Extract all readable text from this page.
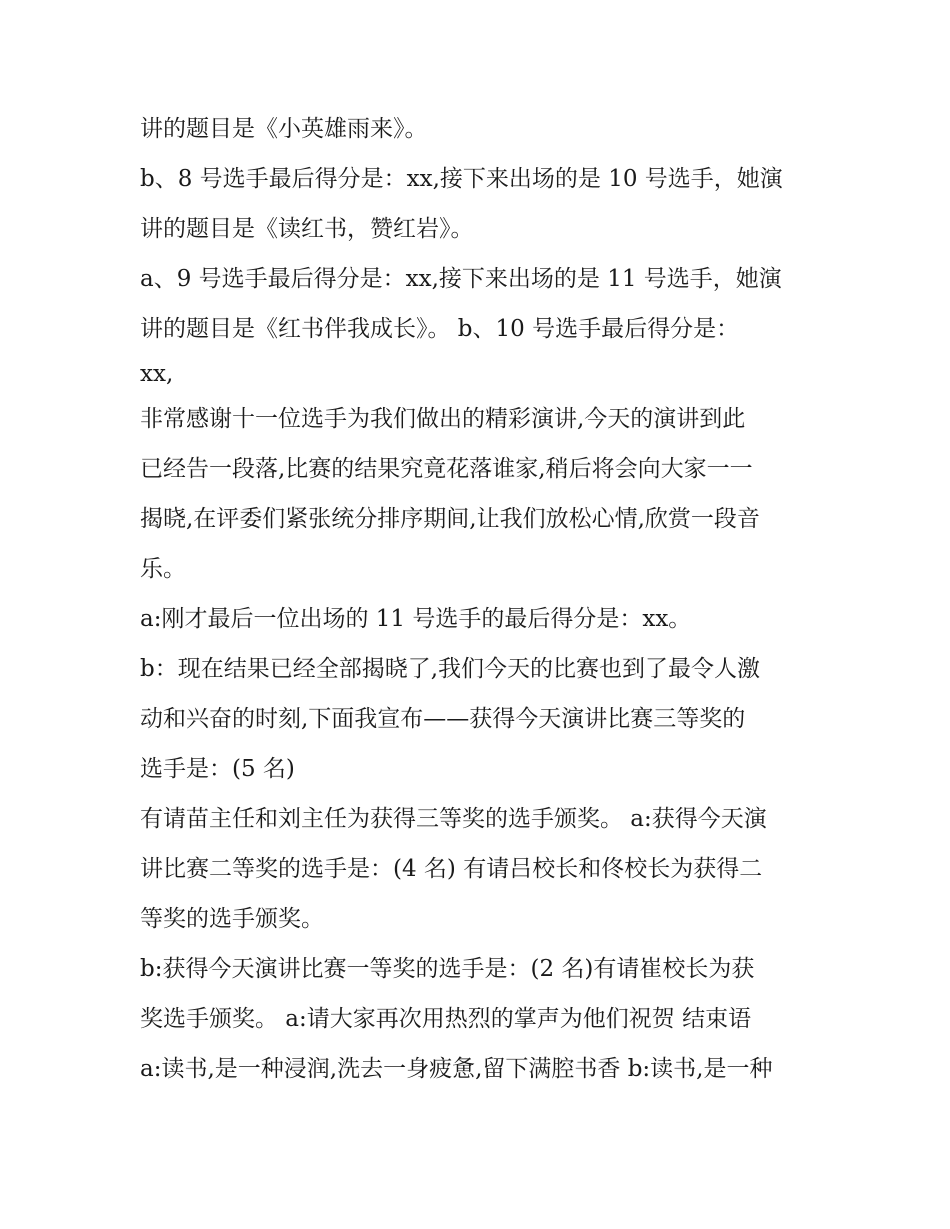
讲的题目是《小英雄雨来》。
b、8 号选手最后得分是：xx,接下来出场的是 10 号选手，她演
讲的题目是《读红书，赞红岩》。
a、9 号选手最后得分是：xx,接下来出场的是 11 号选手，她演
讲的题目是《红书伴我成长》。 b、10 号选手最后得分是：
xx,
非常感谢十一位选手为我们做出的精彩演讲,今天的演讲到此
已经告一段落,比赛的结果究竟花落谁家,稍后将会向大家一一
揭晓,在评委们紧张统分排序期间,让我们放松心情,欣赏一段音
乐。
a:刚才最后一位出场的 11 号选手的最后得分是：xx。
b：现在结果已经全部揭晓了,我们今天的比赛也到了最令人激
动和兴奋的时刻,下面我宣布——获得今天演讲比赛三等奖的
选手是：(5 名)
有请苗主任和刘主任为获得三等奖的选手颁奖。 a:获得今天演
讲比赛二等奖的选手是：(4 名) 有请吕校长和佟校长为获得二
等奖的选手颁奖。
b:获得今天演讲比赛一等奖的选手是：(2 名)有请崔校长为获
奖选手颁奖。 a:请大家再次用热烈的掌声为他们祝贺 结束语
a:读书,是一种浸润,洗去一身疲惫,留下满腔书香 b:读书,是一种
